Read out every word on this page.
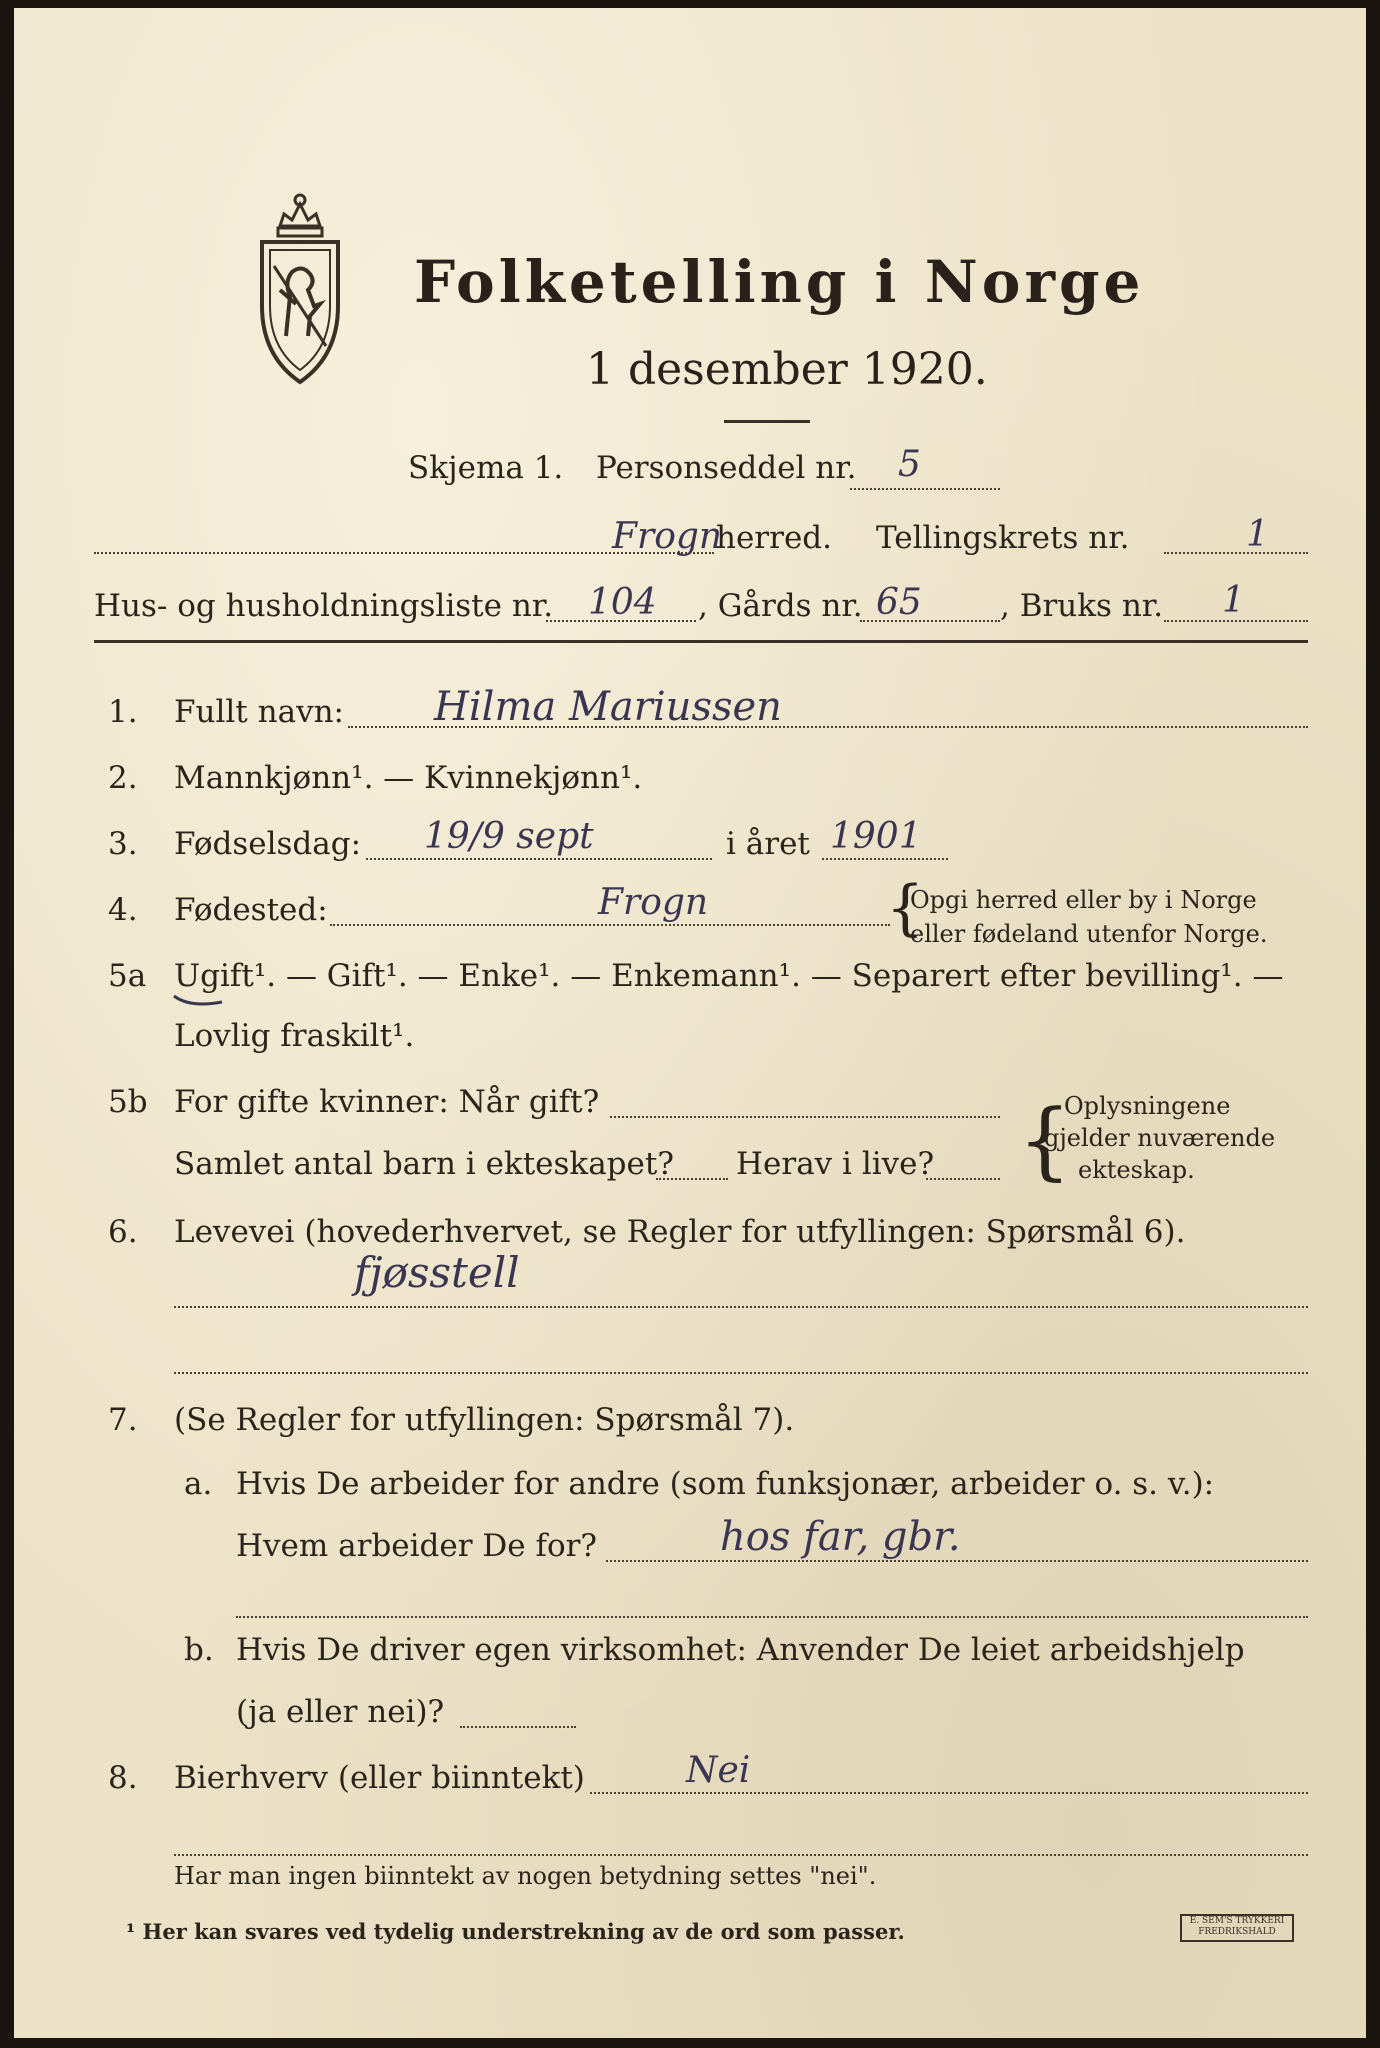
Folketelling i Norge
1 desember 1920.
Skjema 1. Personseddel nr. 5
Frogn
herred. Tellingskrets nr.	1
Hus- og husholdningsliste nr. 104 , Gårds nr. 65	, Bruks nr. 1
1. Fullt navn: Hilma Mariussen
2. Mannkjønn¹. — Kvinnekjønn¹.
3. Fødselsdag: 19/9 sept	i året 1901
4. Fødested:	Frogn	{
Opgi herred eller by i Norge
eller fødeland utenfor Norge.
5a Ugift¹. — Gift¹. — Enke¹. — Enkemann¹. — Separert efter bevilling¹. —
Lovlig fraskilt¹.
5b For gifte kvinner: Når gift?
Samlet antal barn i ekteskapet? Herav i live? {
Oplysningene
gjelder nuværende
ekteskap.
6. Levevei (hovederhvervet, se Regler for utfyllingen: Spørsmål 6).
fjøsstell
7. (Se Regler for utfyllingen: Spørsmål 7).
a. Hvis De arbeider for andre (som funksjonær, arbeider o. s. v.):
Hvem arbeider De for?	hos far, gbr.
b. Hvis De driver egen virksomhet: Anvender De leiet arbeidshjelp
(ja eller nei)?
8. Bierhverv (eller biinntekt)	Nei
Har man ingen biinntekt av nogen betydning settes "nei".
¹ Her kan svares ved tydelig understrekning av de ord som passer.	E. SEM'S TRYKKERI
FREDRIKSHALD
